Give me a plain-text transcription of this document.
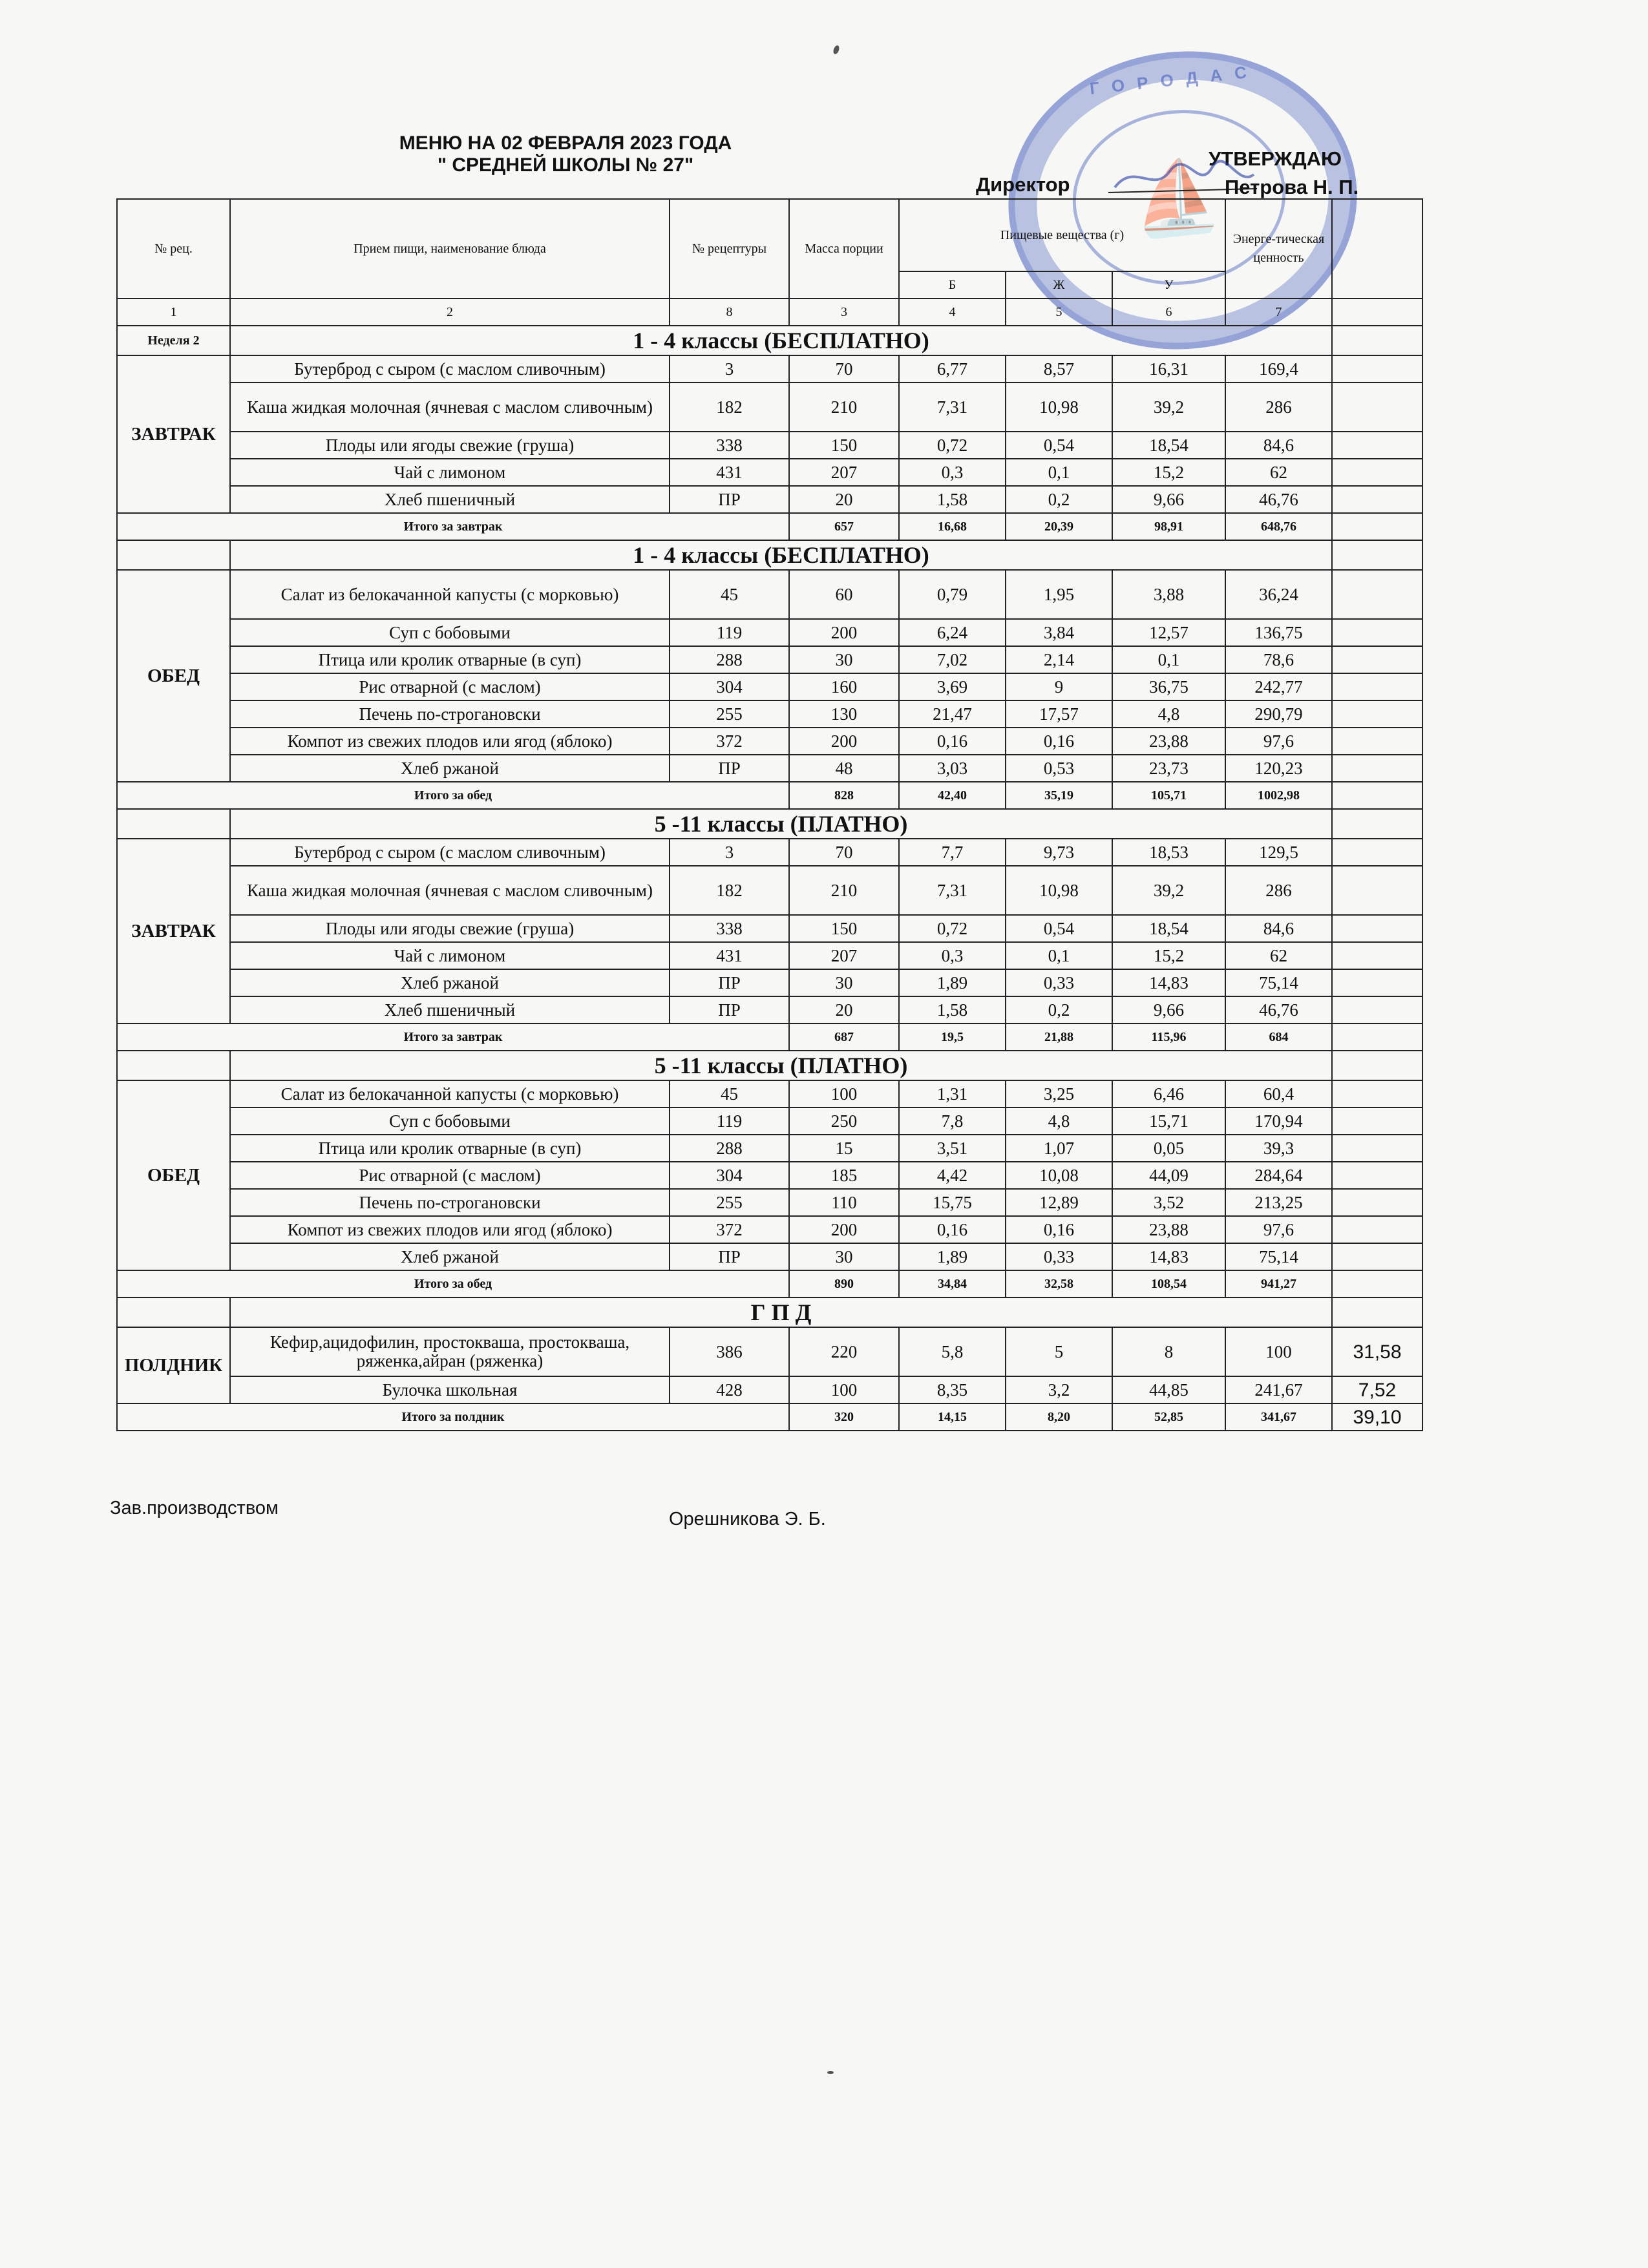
МЕНЮ НА 02 ФЕВРАЛЯ 2023 ГОДА
" СРЕДНЕЙ ШКОЛЫ № 27"
Г О Р О Д А С
⛵
УТВЕРЖДАЮ
Директор	Петрова Н. П.
№ рец.	Прием пищи, наименование блюда	№ рецептуры	Масса порции	Пищевые вещества (г)			Энерге-тическая ценность	
				Б	Ж	У		
1	2	8	3	4	5	6	7	
Неделя 2	1 - 4 классы (БЕСПЛАТНО)							
ЗАВТРАК	Бутерброд с сыром (с маслом сливочным)	3	70	6,77	8,57	16,31	169,4	
	Каша жидкая молочная (ячневая с маслом сливочным)	182	210	7,31	10,98	39,2	286	
	Плоды или ягоды свежие (груша)	338	150	0,72	0,54	18,54	84,6	
	Чай с лимоном	431	207	0,3	0,1	15,2	62	
	Хлеб пшеничный	ПР	20	1,58	0,2	9,66	46,76	
Итого за завтрак			657	16,68	20,39	98,91	648,76	
	1 - 4 классы (БЕСПЛАТНО)							
ОБЕД	Салат из белокачанной капусты (с морковью)	45	60	0,79	1,95	3,88	36,24	
	Суп с бобовыми	119	200	6,24	3,84	12,57	136,75	
	Птица или кролик отварные (в суп)	288	30	7,02	2,14	0,1	78,6	
	Рис отварной (с маслом)	304	160	3,69	9	36,75	242,77	
	Печень по-строгановски	255	130	21,47	17,57	4,8	290,79	
	Компот из свежих плодов или ягод (яблоко)	372	200	0,16	0,16	23,88	97,6	
	Хлеб ржаной	ПР	48	3,03	0,53	23,73	120,23	
Итого за обед			828	42,40	35,19	105,71	1002,98	
	5 -11 классы (ПЛАТНО)							
ЗАВТРАК	Бутерброд с сыром (с маслом сливочным)	3	70	7,7	9,73	18,53	129,5	
	Каша жидкая молочная (ячневая с маслом сливочным)	182	210	7,31	10,98	39,2	286	
	Плоды или ягоды свежие (груша)	338	150	0,72	0,54	18,54	84,6	
	Чай с лимоном	431	207	0,3	0,1	15,2	62	
	Хлеб ржаной	ПР	30	1,89	0,33	14,83	75,14	
	Хлеб пшеничный	ПР	20	1,58	0,2	9,66	46,76	
Итого за завтрак			687	19,5	21,88	115,96	684	
	5 -11 классы (ПЛАТНО)							
ОБЕД	Салат из белокачанной капусты (с морковью)	45	100	1,31	3,25	6,46	60,4	
	Суп с бобовыми	119	250	7,8	4,8	15,71	170,94	
	Птица или кролик отварные (в суп)	288	15	3,51	1,07	0,05	39,3	
	Рис отварной (с маслом)	304	185	4,42	10,08	44,09	284,64	
	Печень по-строгановски	255	110	15,75	12,89	3,52	213,25	
	Компот из свежих плодов или ягод (яблоко)	372	200	0,16	0,16	23,88	97,6	
	Хлеб ржаной	ПР	30	1,89	0,33	14,83	75,14	
Итого за обед			890	34,84	32,58	108,54	941,27	
	Г П Д							
ПОЛДНИК	Кефир,ацидофилин, простокваша, простокваша, ряженка,айран (ряженка)	386	220	5,8	5	8	100	31,58
	Булочка школьная	428	100	8,35	3,2	44,85	241,67	7,52
Итого за полдник			320	14,15	8,20	52,85	341,67	39,10
Зав.производством
Орешникова Э. Б.
